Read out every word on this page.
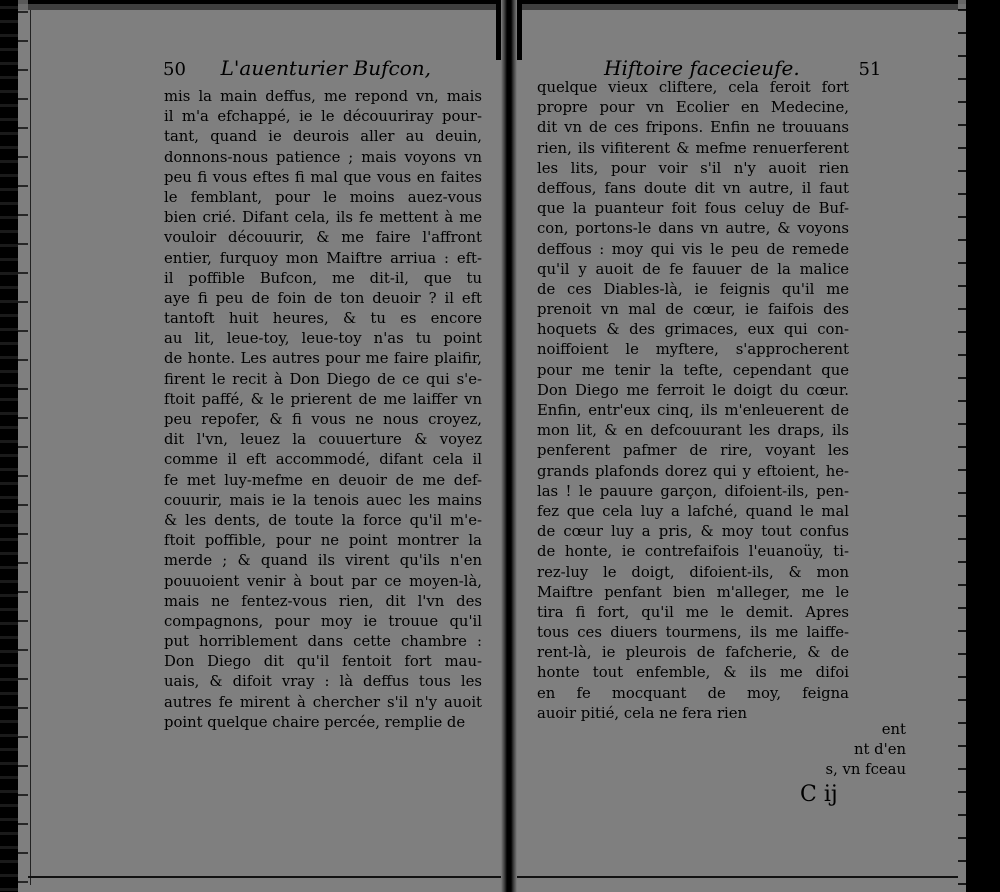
50 L'auenturier Bufcon,	Hiftoire facecieufe.	51
mis la main deffus, me repond vn, mais
il m'a efchappé, ie le découuriray pour-
tant, quand ie deurois aller au deuin,
donnons-nous patience ; mais voyons vn
peu fi vous eftes fi mal que vous en faites
le femblant, pour le moins auez-vous
bien crié. Difant cela, ils fe mettent à me
vouloir découurir, & me faire l'affront
entier, furquoy mon Maiftre arriua : eft-
il poffible Bufcon, me dit-il, que tu
aye fi peu de foin de ton deuoir ? il eft
tantoft huit heures, & tu es encore
au lit, leue-toy, leue-toy n'as tu point
de honte. Les autres pour me faire plaifir,
firent le recit à Don Diego de ce qui s'e-
ftoit paffé, & le prierent de me laiffer vn
peu repofer, & fi vous ne nous croyez,
dit l'vn, leuez la couuerture & voyez
comme il eft accommodé, difant cela il
fe met luy-mefme en deuoir de me def-
couurir, mais ie la tenois auec les mains
& les dents, de toute la force qu'il m'e-
ftoit poffible, pour ne point montrer la
merde ; & quand ils virent qu'ils n'en
pouuoient venir à bout par ce moyen-là,
mais ne fentez-vous rien, dit l'vn des
compagnons, pour moy ie trouue qu'il
put horriblement dans cette chambre :
Don Diego dit qu'il fentoit fort mau-
uais, & difoit vray : là deffus tous les
autres fe mirent à chercher s'il n'y auoit
point quelque chaire percée, remplie de
quelque vieux cliftere, cela feroit fort
propre pour vn Ecolier en Medecine,
dit vn de ces fripons. Enfin ne trouuans
rien, ils vifiterent & mefme renuerferent
les lits, pour voir s'il n'y auoit rien
deffous, fans doute dit vn autre, il faut
que la puanteur foit fous celuy de Buf-
con, portons-le dans vn autre, & voyons
deffous : moy qui vis le peu de remede
qu'il y auoit de fe fauuer de la malice
de ces Diables-là, ie feignis qu'il me
prenoit vn mal de cœur, ie faifois des
hoquets & des grimaces, eux qui con-
noiffoient le myftere, s'approcherent
pour me tenir la tefte, cependant que
Don Diego me ferroit le doigt du cœur.
Enfin, entr'eux cinq, ils m'enleuerent de
mon lit, & en defcouurant les draps, ils
penferent pafmer de rire, voyant les
grands plafonds dorez qui y eftoient, he-
las ! le pauure garçon, difoient-ils, pen-
fez que cela luy a lafché, quand le mal
de cœur luy a pris, & moy tout confus
de honte, ie contrefaifois l'euanoüy, ti-
rez-luy le doigt, difoient-ils, & mon
Maiftre penfant bien m'alleger, me le
tira fi fort, qu'il me le demit. Apres
tous ces diuers tourmens, ils me laiffe-
rent-là, ie pleurois de fafcherie, & de
honte tout enfemble, & ils me difoi
en fe mocquant de moy, feigna
auoir pitié, cela ne fera rien
ent
nt d'en
s, vn fceau
C ij
